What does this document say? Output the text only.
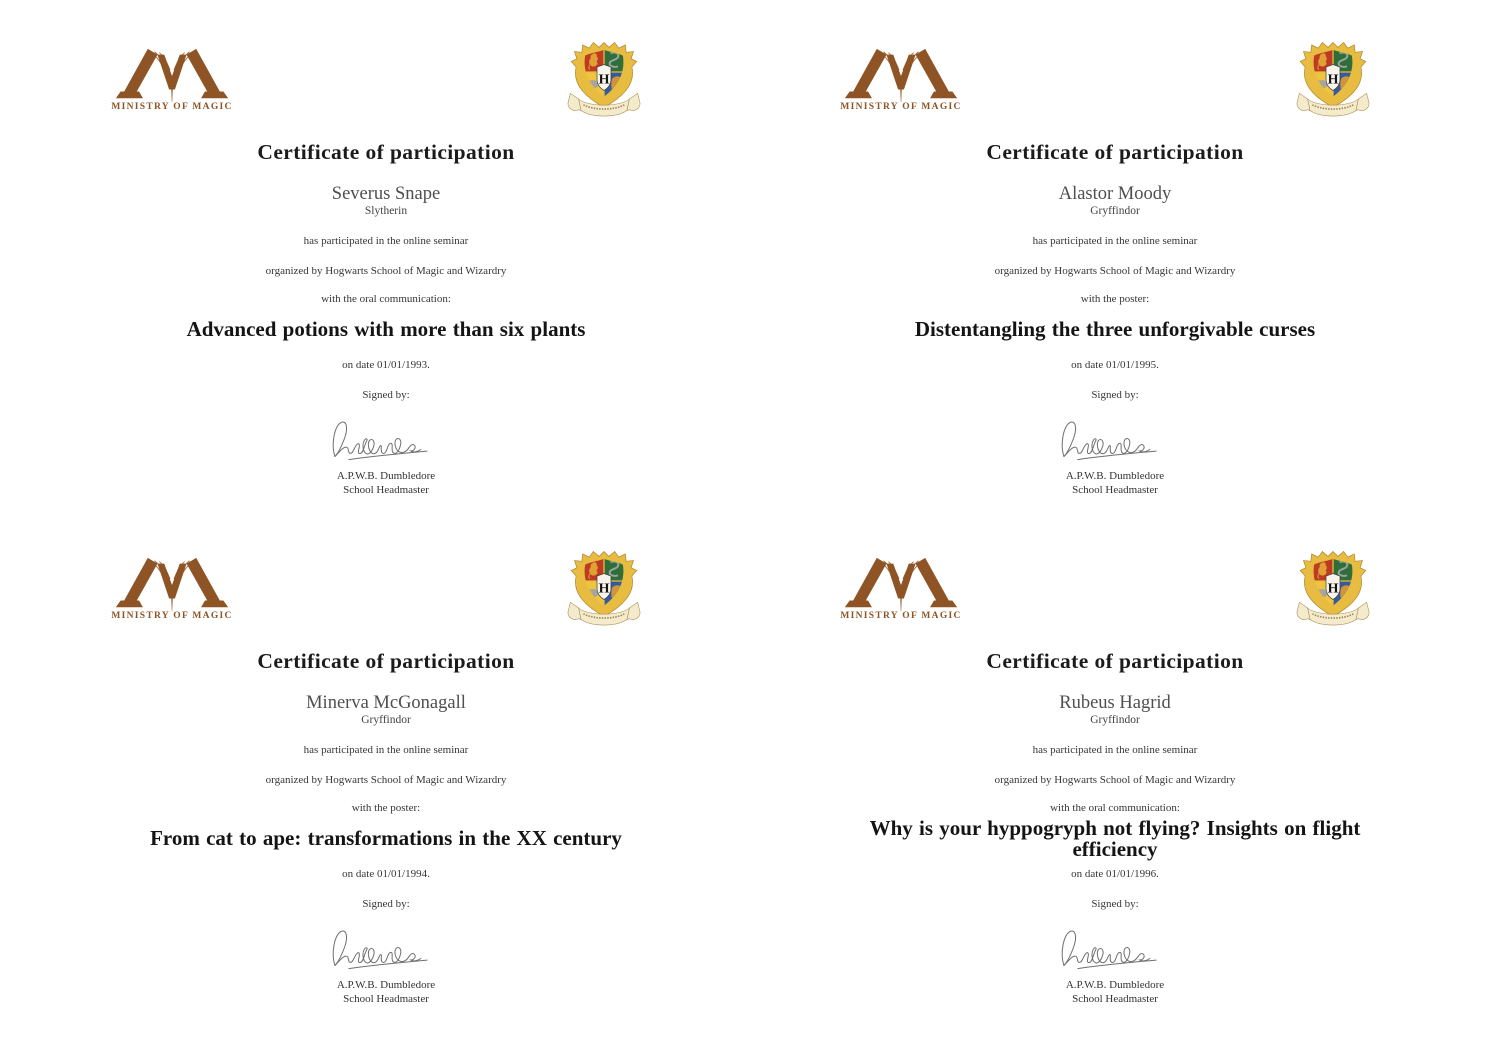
MINISTRY OF MAGIC
Certificate of participation
Severus Snape
Slytherin

has participated in the online seminar

organized by Hogwarts School of Magic and Wizardry

with the oral communication:

Advanced potions with more than six plants

on date 01/01/1993.

Signed by:

A.P.W.B. Dumbledore
School Headmaster
MINISTRY OF MAGIC
Certificate of participation
Alastor Moody
Gryffindor

has participated in the online seminar

organized by Hogwarts School of Magic and Wizardry

with the poster:

Distentangling the three unforgivable curses

on date 01/01/1995.

Signed by:

A.P.W.B. Dumbledore
School Headmaster
MINISTRY OF MAGIC
Certificate of participation
Minerva McGonagall
Gryffindor

has participated in the online seminar

organized by Hogwarts School of Magic and Wizardry

with the poster:

From cat to ape: transformations in the XX century

on date 01/01/1994.

Signed by:

A.P.W.B. Dumbledore
School Headmaster
MINISTRY OF MAGIC
Certificate of participation
Rubeus Hagrid
Gryffindor

has participated in the online seminar

organized by Hogwarts School of Magic and Wizardry

with the oral communication:

Why is your hyppogryph not flying? Insights on flight efficiency

on date 01/01/1996.

Signed by:

A.P.W.B. Dumbledore
School Headmaster
